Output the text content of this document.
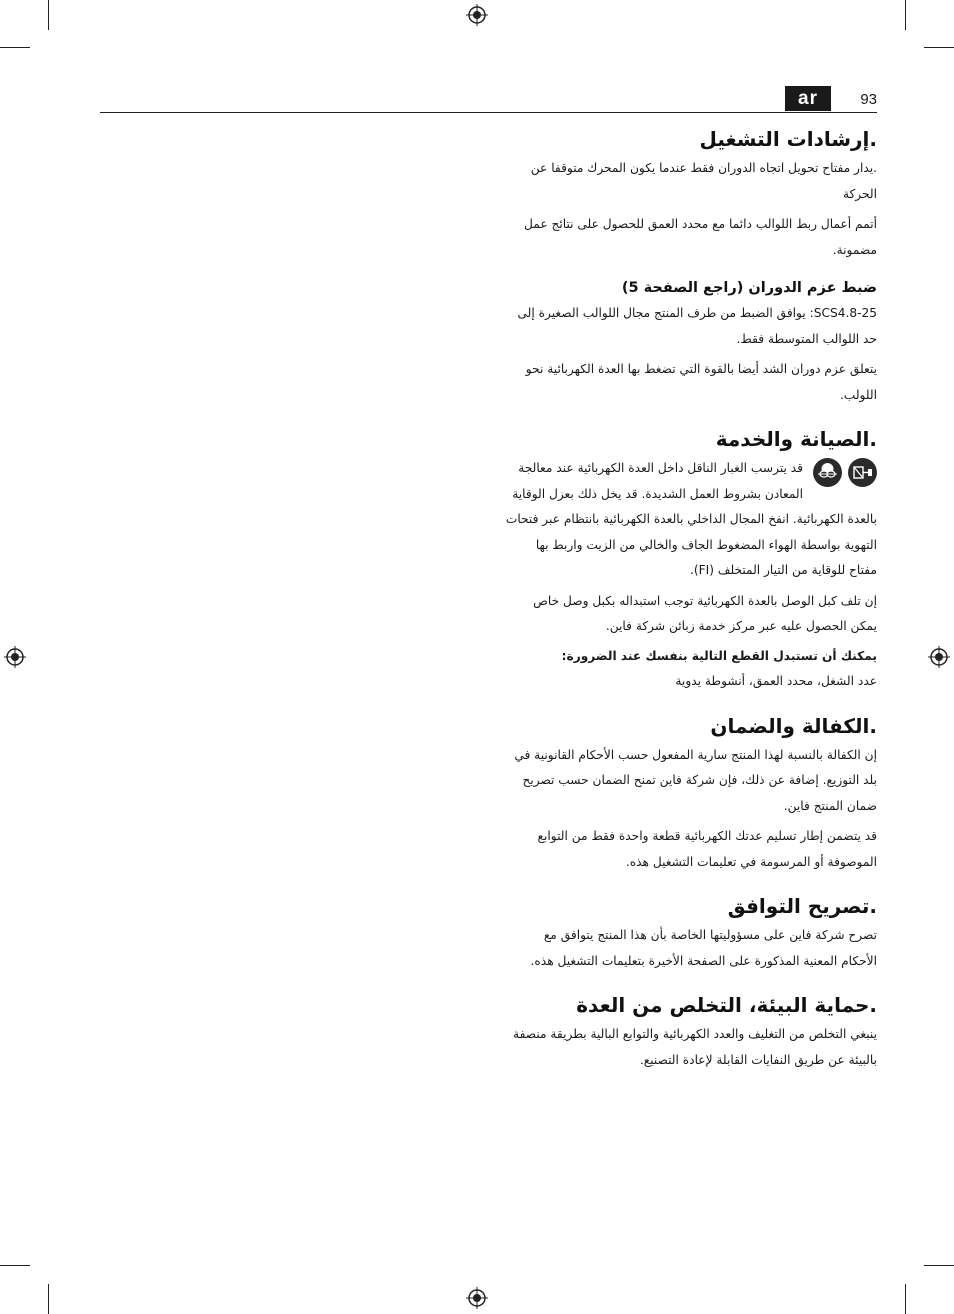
ar	93
.إرشادات التشغيل

.يدار مفتاح تحويل اتجاه الدوران فقط عندما يكون المحرك متوقفا عن الحركة

أتمم أعمال ربط اللوالب دائما مع محدد العمق للحصول على نتائج عمل مضمونة.

ضبط عزم الدوران (راجع الصفحة 5)

SCS4.8-25: يوافق الضبط من طرف المنتج مجال اللوالب الصغيرة إلى حد اللوالب المتوسطة فقط.

يتعلق عزم دوران الشد أيضا بالقوة التي تضغط بها العدة الكهربائية نحو اللولب.

.الصيانة والخدمة

قد يترسب الغبار الناقل داخل العدة الكهربائية عند معالجة المعادن بشروط العمل الشديدة. قد يخل ذلك بعزل الوقاية بالعدة الكهربائية. انفخ المجال الداخلي بالعدة الكهربائية بانتظام عبر فتحات التهوية بواسطة الهواء المضغوط الجاف والخالي من الزيت واربط بها مفتاح للوقاية من التيار المتخلف (FI).

إن تلف كبل الوصل بالعدة الكهربائية توجب استبداله بكبل وصل خاص يمكن الحصول عليه عبر مركز خدمة زبائن شركة فاين.

يمكنك أن تستبدل القطع التالية بنفسك عند الضرورة:

عدد الشغل، محدد العمق، أنشوطة يدوية

.الكفالة والضمان

إن الكفالة بالنسبة لهذا المنتج سارية المفعول حسب الأحكام القانونية في بلد التوزيع. إضافة عن ذلك، فإن شركة فاين تمنح الضمان حسب تصريح ضمان المنتج فاين.

قد يتضمن إطار تسليم عدتك الكهربائية قطعة واحدة فقط من التوابع الموصوفة أو المرسومة في تعليمات التشغيل هذه.

.تصريح التوافق

تصرح شركة فاين على مسؤوليتها الخاصة بأن هذا المنتج يتوافق مع الأحكام المعنية المذكورة على الصفحة الأخيرة بتعليمات التشغيل هذه.

.حماية البيئة، التخلص من العدة

ينبغي التخلص من التغليف والعدد الكهربائية والتوابع البالية بطريقة منصفة بالبيئة عن طريق النفايات القابلة لإعادة التصنيع.
